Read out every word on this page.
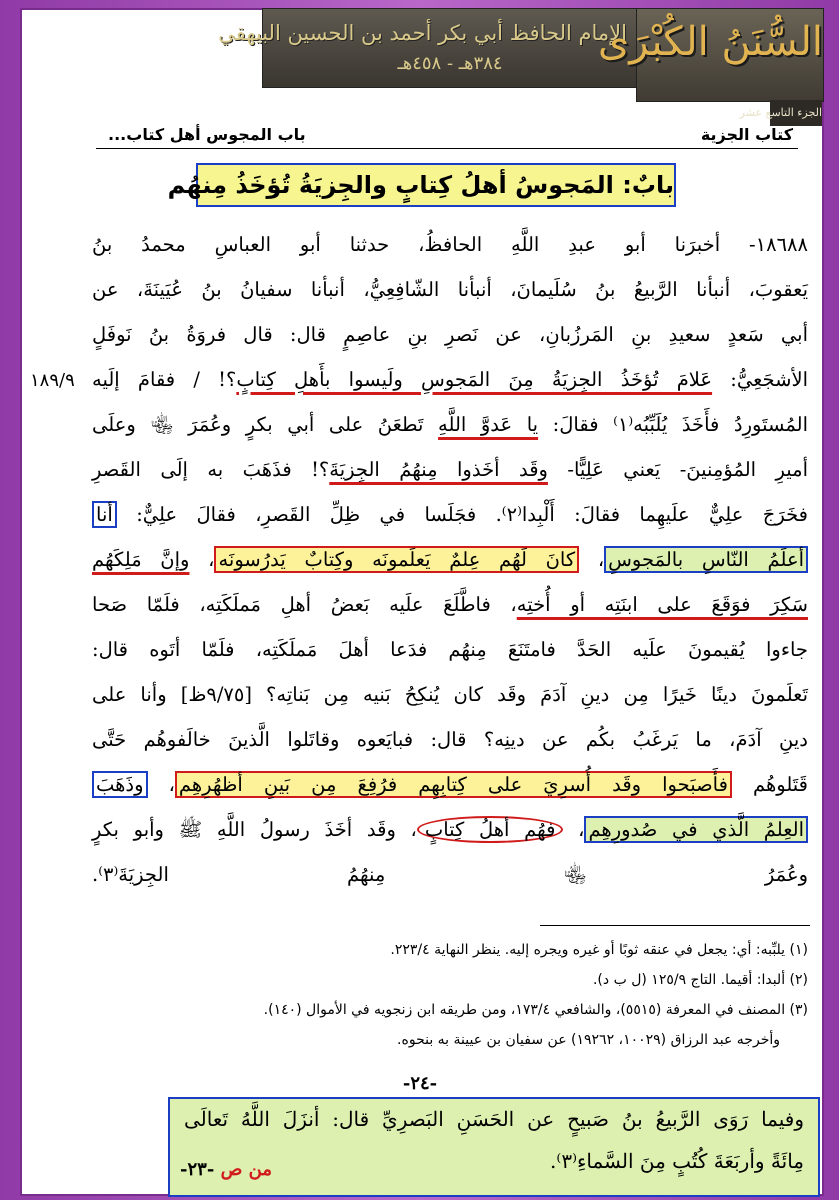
الإمام الحافظ أبي بكر أحمد بن الحسين البيهقي
٣٨٤هـ - ٤٥٨هـ	السُّنَنُ الكُبْرَى
الجزء التاسع عشر
كتاب الجزية
باب المجوس أهل كتاب...
بابٌ: المَجوسُ أهلُ كِتابٍ والجِزيَةُ تُؤخَذُ مِنهُم
١٨٩/٩
١٨٦٨٨- أخبرَنا أبو عبدِ اللَّهِ الحافظُ، حدثنا أبو العباسِ محمدُ بنُ
يَعقوبَ، أنبأنا الرَّبيعُ بنُ سُلَيمانَ، أنبأنا الشّافِعِيُّ، أنبأنا سفيانُ بنُ عُيَينَةَ، عن
أبي سَعدٍ سعيدِ بنِ المَرزُبانِ، عن نَصرِ بنِ عاصِمٍ قال: قال فروَةُ بنُ نَوفَلٍ
الأشجَعِيُّ: عَلامَ تُؤخَذُ الجِزيَةُ مِنَ المَجوسِ ولَيسوا بأَهلِ كِتابٍ؟! / فقامَ إلَيه
المُستَورِدُ فأَخَذَ يُلَبِّبُه⁽١⁾ فقالَ: يا عَدوَّ اللَّهِ تَطعَنُ على أبي بكرٍ وعُمَرَ ﵄ وعلَى
أميرِ المُؤمِنينَ- يَعني عَلِيًّا- وقَد أخَذوا مِنهُمُ الجِزيَةَ؟! فذَهَبَ به إلَى القَصرِ
فخَرَجَ علِيٌّ علَيهِما فقالَ: أَلْبِدا⁽٢⁾. فجَلَسا في ظِلِّ القَصرِ، فقالَ علِيٌّ: أنا
أعلَمُ النّاسِ بالمَجوسِ، كانَ لَهُم عِلمٌ يَعلَمونَه وكِتابٌ يَدرُسونَه، وإنَّ مَلِكَهُم
سَكِرَ فوَقَعَ على ابنَتِه أو أُختِه، فاطَّلَعَ علَيه بَعضُ أهلِ مَملَكَتِه، فلَمّا صَحا
جاءوا يُقيمونَ علَيه الحَدَّ فامتَنَعَ مِنهُم فدَعا أهلَ مَملَكَتِه، فلَمّا أتَوه قال:
تَعلَمونَ دينًا خَيرًا مِن دينِ آدَمَ وقَد كان يُنكِحُ بَنيه مِن بَناتِه؟ [٩/٧٥ظ] وأنا على
دينِ آدَمَ، ما يَرغَبُ بكُم عن دينِه؟ قال: فبايَعوه وقاتَلوا الَّذينَ خالَفوهُم حَتَّى
قَتَلوهُم فأَصبَحوا وقَد أُسرِيَ على كِتابِهِم فرُفِعَ مِن بَينِ أظهُرِهِم، وذَهَبَ
العِلمُ الَّذي في صُدورِهِم، فهُم أهلُ كِتابٍ، وقَد أخَذَ رسولُ اللَّهِ ﷺ وأبو بكرٍ
وعُمَرُ ﵄ مِنهُمُ الجِزيَةَ⁽٣⁾.
(١) يلبِّبه: أي: يجعل في عنقه ثوبًا أو غيره ويجره إليه. ينظر النهاية ٢٢٣/٤.
(٢) ألبدا: أقيما. التاج ١٢٥/٩ (ل ب د).
(٣) المصنف في المعرفة (٥٥١٥)، والشافعي ١٧٣/٤، ومن طريقه ابن زنجويه في الأموال (١٤٠).
وأخرجه عبد الرزاق (١٠٠٢٩، ١٩٢٦٢) عن سفيان بن عيينة به بنحوه.
-٢٤-
وفيما رَوَى الرَّبيعُ بنُ صَبيحٍ عن الحَسَنِ البَصرِيِّ قال: أنزَلَ اللَّهُ تَعالَى
مِائَةً وأربَعَةَ كُتُبٍ مِنَ السَّماءِ⁽٣⁾.
من ص -٢٣-
